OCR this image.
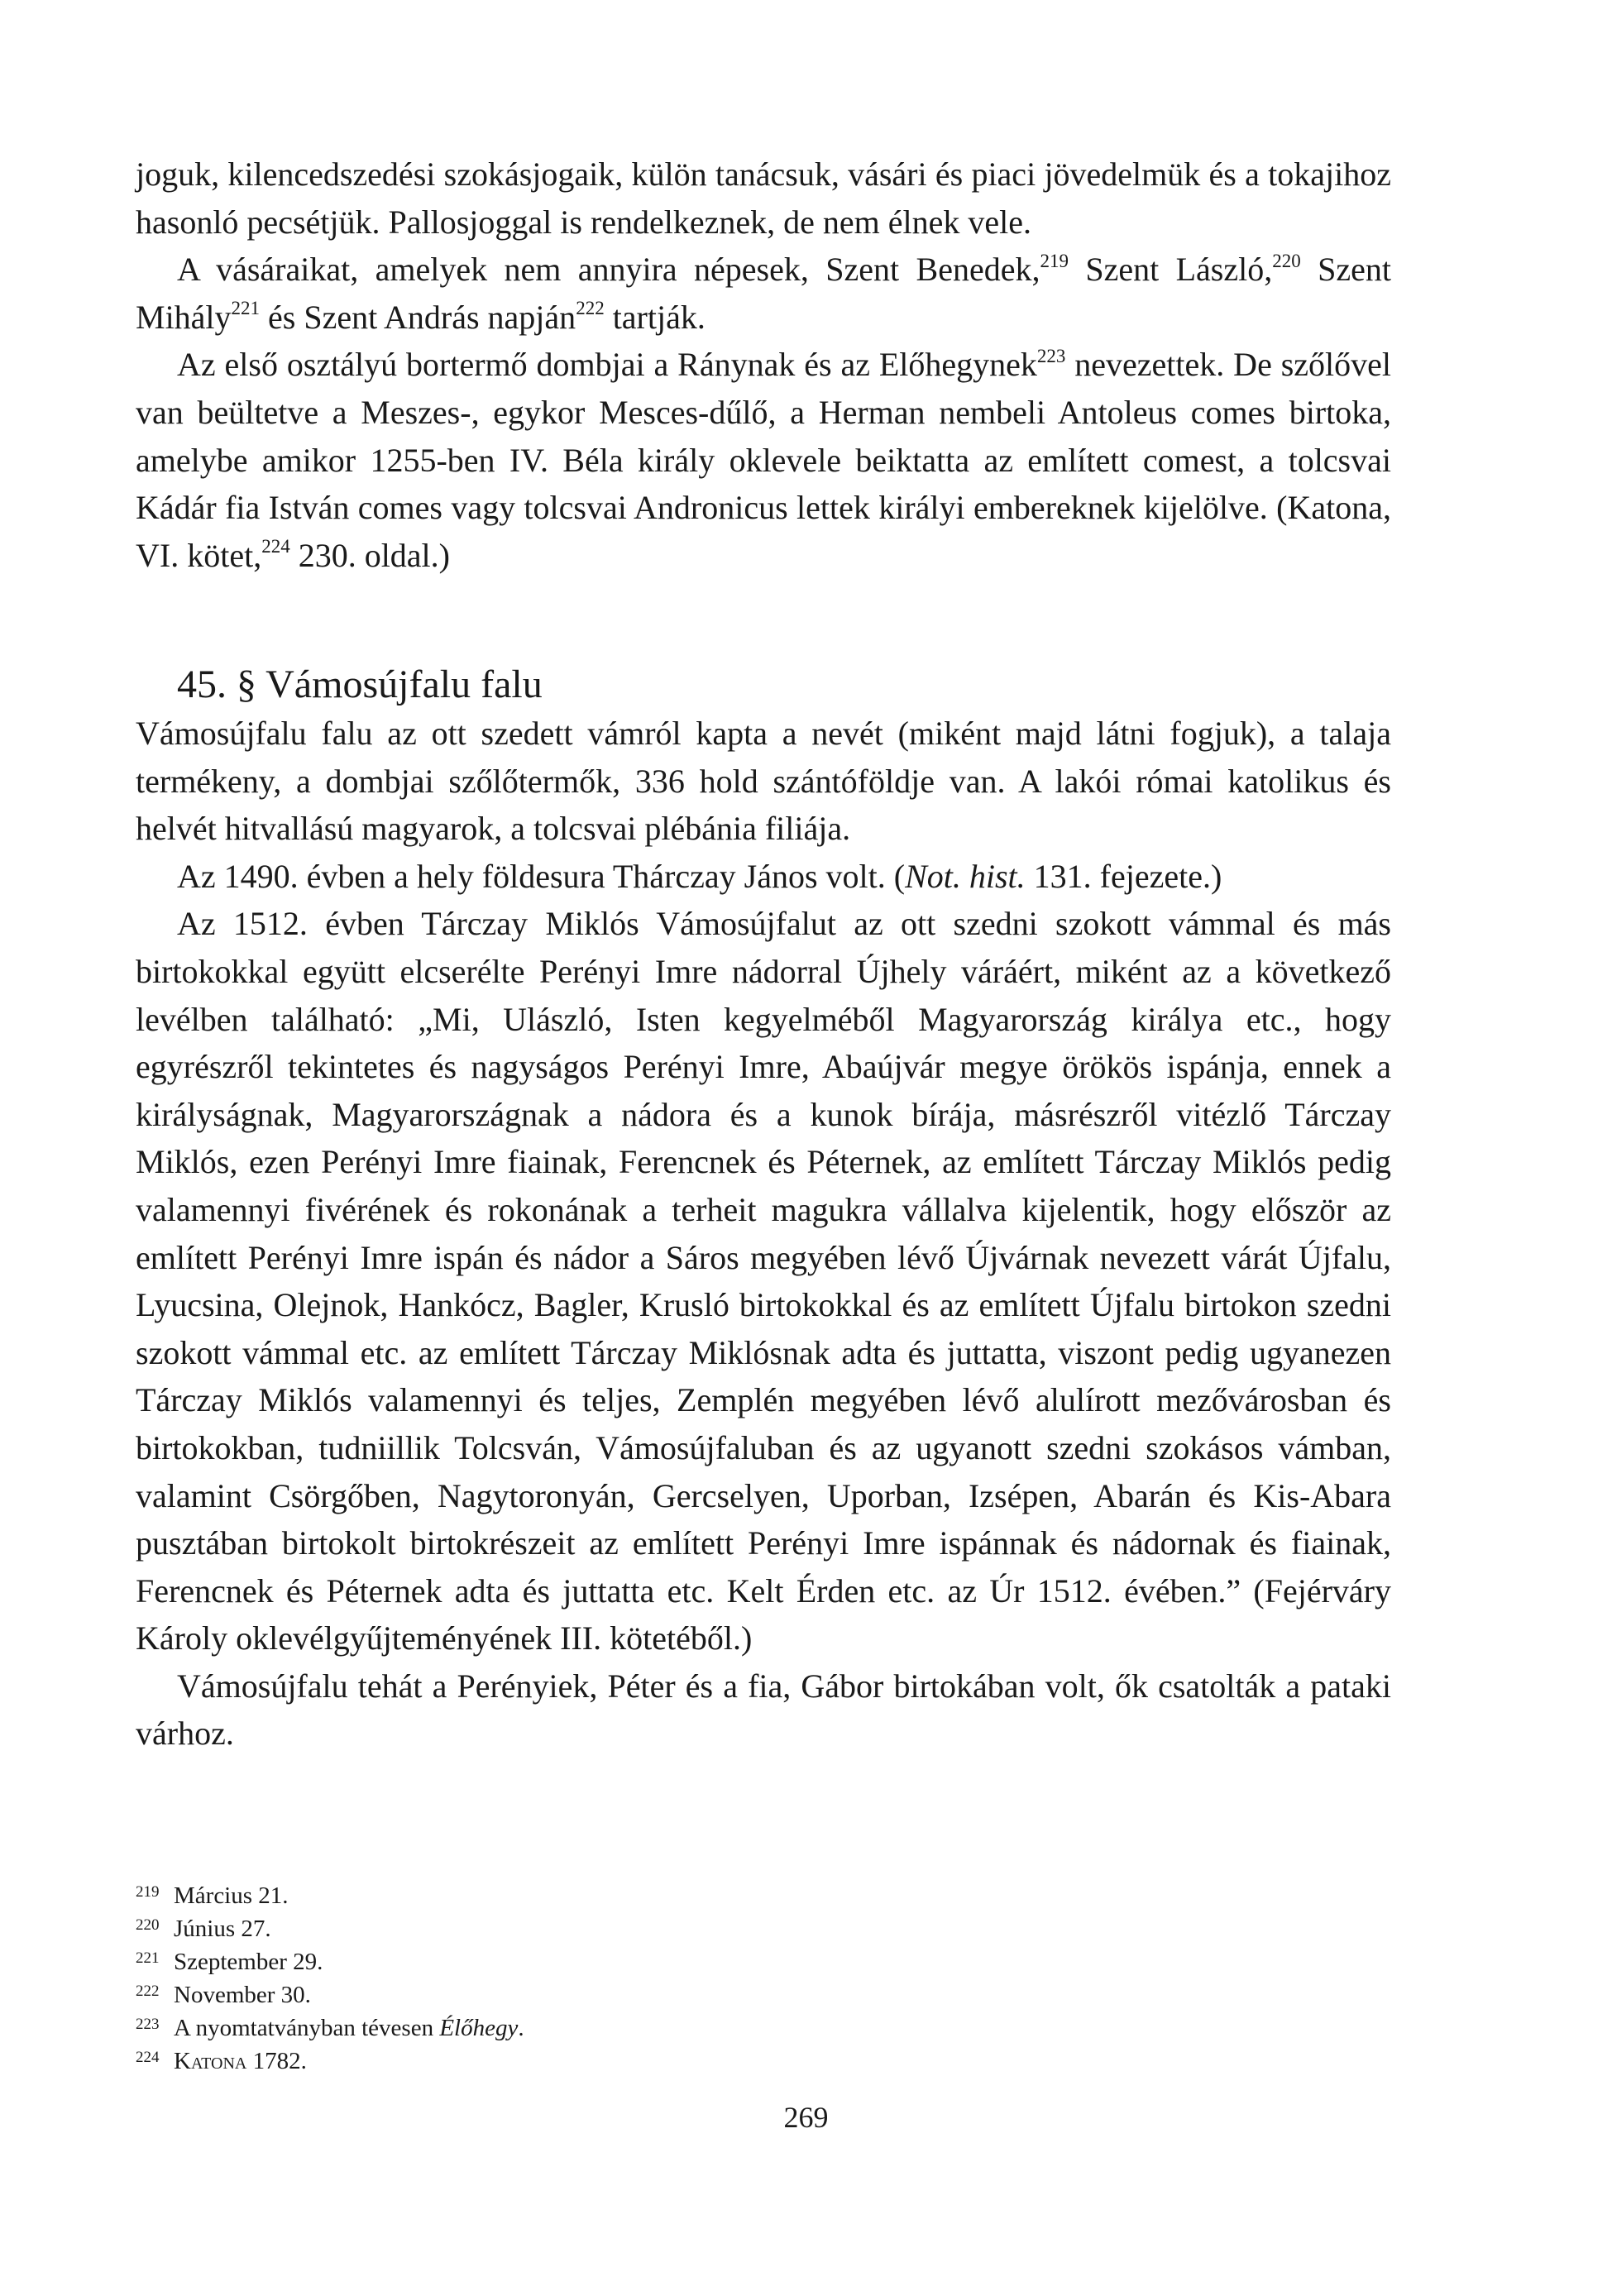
joguk, kilencedszedési szokásjogaik, külön tanácsuk, vásári és piaci jövedelmük és a tokajihoz hasonló pecsétjük. Pallosjoggal is rendelkeznek, de nem élnek vele.

A vásáraikat, amelyek nem annyira népesek, Szent Benedek,$^{219}$ Szent László,$^{220}$ Szent Mihály$^{221}$ és Szent András napján$^{222}$ tartják.

Az első osztályú bortermő dombjai a Ránynak és az Előhegynek$^{223}$ nevezettek. De szőlővel van beültetve a Meszes-, egykor Mesces-dűlő, a Herman nembeli Antoleus comes birtoka, amelybe amikor 1255-ben IV. Béla király oklevele beiktatta az említett comest, a tolcsvai Kádár fia István comes vagy tolcsvai Andronicus lettek királyi embereknek kijelölve. (Katona, VI. kötet,$^{224}$ 230. oldal.)

45. § Vámosújfalu falu

Vámosújfalu falu az ott szedett vámról kapta a nevét (miként majd látni fogjuk), a talaja termékeny, a dombjai szőlőtermők, 336 hold szántóföldje van. A lakói római katolikus és helvét hitvallású magyarok, a tolcsvai plébánia filiája.

Az 1490. évben a hely földesura Thárczay János volt. (Not. hist. 131. fejezete.)

Az 1512. évben Tárczay Miklós Vámosújfalut az ott szedni szokott vámmal és más birtokokkal együtt elcserélte Perényi Imre nádorral Újhely váráért, miként az a következő levélben található: „Mi, Ulászló, Isten kegyelméből Magyarország királya etc., hogy egyrészről tekintetes és nagyságos Perényi Imre, Abaújvár megye örökös ispánja, ennek a királyságnak, Magyarországnak a nádora és a kunok bírája, másrészről vitézlő Tárczay Miklós, ezen Perényi Imre fiainak, Ferencnek és Péternek, az említett Tárczay Miklós pedig valamennyi fivérének és rokonának a terheit magukra vállalva kijelentik, hogy először az említett Perényi Imre ispán és nádor a Sáros megyében lévő Újvárnak nevezett várát Újfalu, Lyucsina, Olejnok, Hankócz, Bagler, Krusló birtokokkal és az említett Újfalu birtokon szedni szokott vámmal etc. az említett Tárczay Miklósnak adta és juttatta, viszont pedig ugyanezen Tárczay Miklós valamennyi és teljes, Zemplén megyében lévő alulírott mezővárosban és birtokokban, tudniillik Tolcsván, Vámosújfaluban és az ugyanott szedni szokásos vámban, valamint Csörgőben, Nagytoronyán, Gercselyen, Uporban, Izsépen, Abarán és Kis-Abara pusztában birtokolt birtokrészeit az említett Perényi Imre ispánnak és nádornak és fiainak, Ferencnek és Péternek adta és juttatta etc. Kelt Érden etc. az Úr 1512. évében.” (Fejérváry Károly oklevélgyűjteményének III. kötetéből.)

Vámosújfalu tehát a Perényiek, Péter és a fia, Gábor birtokában volt, ők csatolták a pataki várhoz.

219 Március 21.
220 Június 27.
221 Szeptember 29.
222 November 30.
223 A nyomtatványban tévesen Élőhegy.
224 Katona 1782.
269
